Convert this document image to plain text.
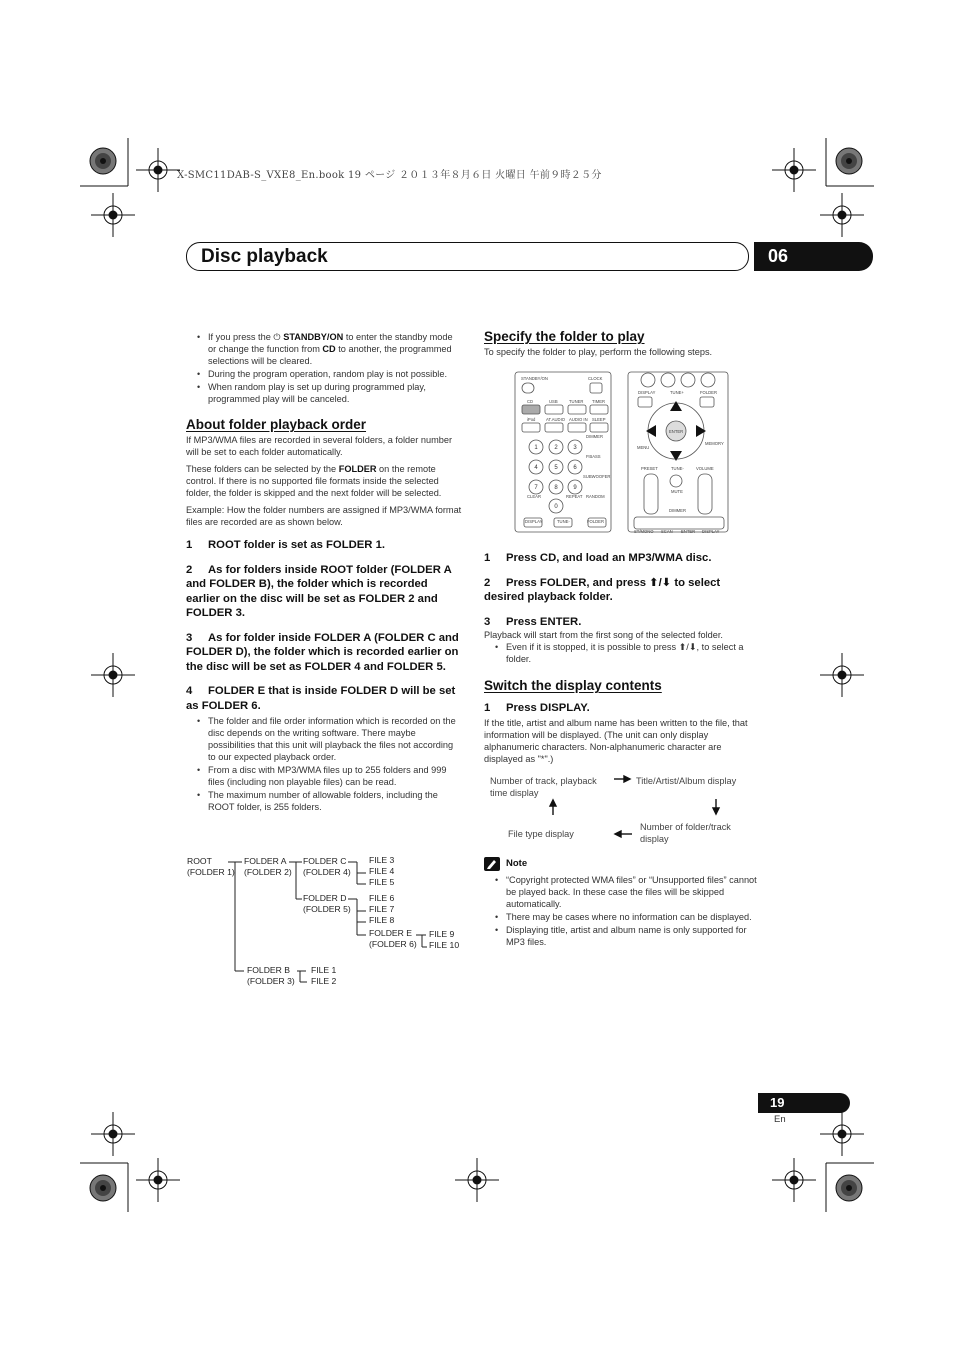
X-SMC11DAB-S_VXE8_En.book 19 ページ ２０１３年８月６日 火曜日 午前９時２５分
Disc playback	06
• If you press the ⏻ STANDBY/ON to enter the standby mode or change the function from CD to another, the programmed selections will be cleared.
• During the program operation, random play is not possible.
• When random play is set up during programmed play, programmed play will be canceled.
About folder playback order

If MP3/WMA files are recorded in several folders, a folder number will be set to each folder automatically.

These folders can be selected by the FOLDER on the remote control. If there is no supported file formats inside the selected folder, the folder is skipped and the next folder will be selected.

Example: How the folder numbers are assigned if MP3/WMA format files are recorded are as shown below.

1 ROOT folder is set as FOLDER 1.
2 As for folders inside ROOT folder (FOLDER A and FOLDER B), the folder which is recorded earlier on the disc will be set as FOLDER 2 and FOLDER 3.
3 As for folder inside FOLDER A (FOLDER C and FOLDER D), the folder which is recorded earlier on the disc will be set as FOLDER 4 and FOLDER 5.
4 FOLDER E that is inside FOLDER D will be set as FOLDER 6.
• The folder and file order information which is recorded on the disc depends on the writing software. There maybe possibilities that this unit will playback the files not according to our expected playback order.
• From a disc with MP3/WMA files up to 255 folders and 999 files (including non playable files) can be read.
• The maximum number of allowable folders, including the ROOT folder, is 255 folders.
ROOT
(FOLDER 1)
FOLDER A
(FOLDER 2)
FOLDER C
(FOLDER 4)
FILE 3
FILE 4
FILE 5
FOLDER D
(FOLDER 5)
FILE 6
FILE 7
FILE 8
FOLDER E
(FOLDER 6)
FILE 9
FILE 10
FOLDER B
(FOLDER 3)
FILE 1
FILE 2
Specify the folder to play

To specify the folder to play, perform the following steps.

1 Press CD, and load an MP3/WMA disc.
2 Press FOLDER, and press ⬆/⬇ to select desired playback folder.
3 Press ENTER.

Playback will start from the first song of the selected folder.

• Even if it is stopped, it is possible to press ⬆/⬇, to select a folder.
Switch the display contents
1 Press DISPLAY.

If the title, artist and album name has been written to the file, that information will be displayed. (The unit can only display alphanumeric characters. Non-alphanumeric character are displayed as "*".)

Number of track, playback time display
Title/Artist/Album display
File type display
Number of folder/track display
Note
• “Copyright protected WMA files” or “Unsupported files” cannot be played back. In these case the files will be skipped automatically.
• There may be cases where no information can be displayed.
• Displaying title, artist and album name is only supported for MP3 files.
STANDBY/ON	CLOCK
CD	USB	TUNER TIMER
iPod	AT.AUDIO AUDIO IN SLEEP
DIMMER
P.BASS
SUBWOOFER
CLEAR	REPEAT RANDOM
DISPLAY	TUNE-	FOLDER
DISPLAY	TUNE+	FOLDER
ENTER
MENU
MEMORY
PRESET	TUNE-	VOLUME
MUTE
DIMMER
ST/MONO SCAN ENTER DISPLAY
1	2	3
4	5	6
7	8	9
0
19
En
